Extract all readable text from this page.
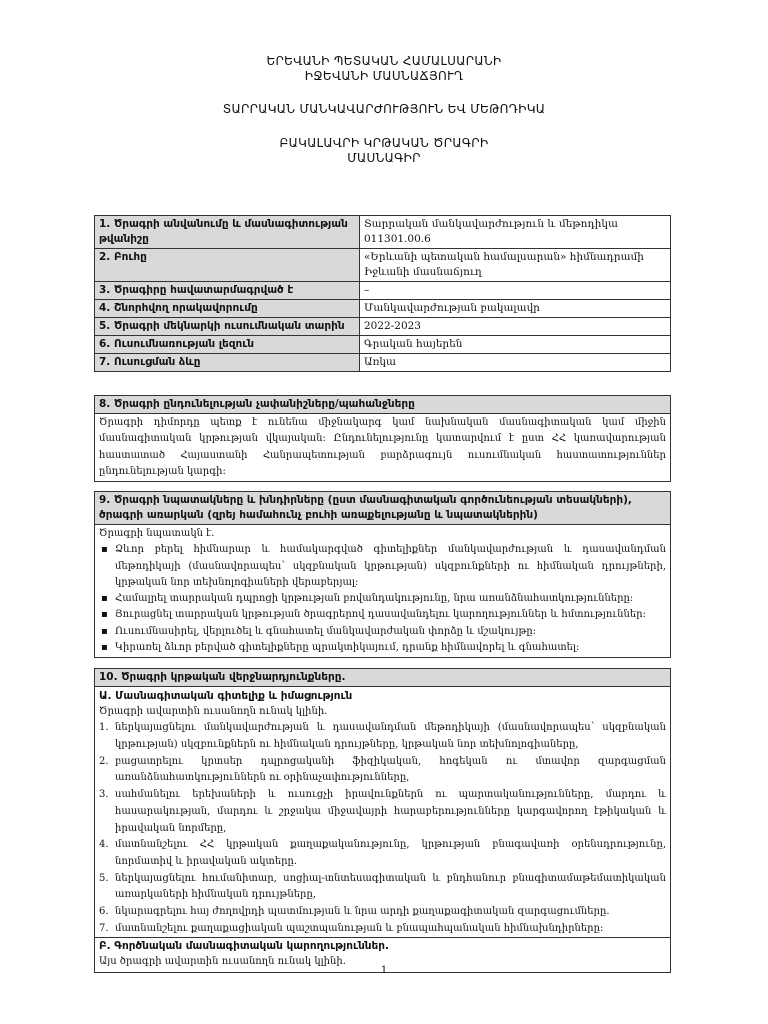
ԵՐԵՎԱՆԻ ՊԵՏԱԿԱՆ ՀԱՄԱԼՍԱՐԱՆԻ
ԻՋԵՎԱՆԻ ՄԱՍՆԱՃՅՈՒՂ
ՏԱՐՐԱԿԱՆ ՄԱՆԿԱՎԱՐԺՈՒԹՅՈՒՆ ԵՎ ՄԵԹՈԴԻԿԱ
ԲԱԿԱԼԱՎՐԻ ԿՐԹԱԿԱՆ ԾՐԱԳՐԻ
ՄԱՍՆԱԳԻՐ
1. Ծրագրի անվանումը և մասնագիտության թվանիշը	Տարրական մանկավարժություն և մեթոդիկա
011301.00.6

2. Բուհը	«Երևանի պետական համալսարան» հիմնադրամի
Իջևանի մասնաճյուղ

3. Ծրագիրը հավատարմագրված է	–
4. Շնորհվող որակավորումը	Մանկավարժության բակալավր
5. Ծրագրի մեկնարկի ուսումնական տարին	2022-2023
6. Ուսումնառության լեզուն	Գրական հայերեն
7. Ուսուցման ձևը	Առկա
8. Ծրագրի ընդունելության չափանիշները/պահանջները
Ծրագրի դիմորդը պետք է ունենա միջնակարգ կամ նախնական մասնագիտական կամ միջին մասնագիտական կրթության վկայական: Ընդունելությունը կատարվում է ըստ ՀՀ կառավարության հաստատած Հայաստանի Հանրապետության բարձրագույն ուսումնական հաստատություններ ընդունելության կարգի:
9. Ծրագրի նպատակները և խնդիրները (ըստ մասնագիտական գործունեության տեսակների), ծրագրի առարկան (զրեյ համահունչ բուհի առաքելությանը և նպատակներին)
Ծրագրի նպատակն է.
▪ Ձևոր բերել հիմնարար և համակարգված գիտելիքներ մանկավարժության և դասավանդման մեթոդիկայի (մասնավորապես՝ սկզբնական կրթության) սկզբունքների ու հիմնական դրույթների, կրթական նոր տեխնոլոգիաների վերաբերյալ:
▪ Համալրել տարրական դպրոցի կրթության բովանդակությունը, նրա առանձնահատկությունները:
▪ Յուրացնել տարրական կրթության ծրագրերով դասավանդելու կարողություններ և հմտություններ:
▪ Ուսումնասիրել, վերլուծել և գնահատել մանկավարժական փորձը և մշակույթը:
▪ Կիրառել ձևոր բերված գիտելիքները պրակտիկայում, դրանք հիմնավորել և գնահատել:
10. Ծրագրի կրթական վերջնարդյունքները.
Ա. Մասնագիտական գիտելիք և իմացություն
Ծրագրի ավարտին ուսանողն ունակ կլինի.
1. ներկայացնելու մանկավարժության և դասավանդման մեթոդիկայի (մասնավորապես՝ սկզբնական կրթության) սկզբունքներն ու հիմնական դրույթները, կրթական նոր տեխնոլոգիաները,
2. բացատրելու կրտսեր դպրոցականի ֆիզիկական, հոգեկան ու մտավոր զարգացման առանձնահատկություններն ու օրինաչափությունները,
3. սահմանելու երեխաների և ուսուցչի իրավունքներն ու պարտականությունները, մարդու և հասարակության, մարդու և շրջակա միջավայրի հարաբերությունները կարգավորող էթիկական և իրավական նորմերը,
4. մատնանշելու ՀՀ կրթական քաղաքականությունը, կրթության բնագավառի օրենսդրությունը, նորմատիվ և իրավական ակտերը.
5. ներկայացնելու հումանիտար, սոցիալ-տնտեսագիտական և բնդհանուր բնագիտամաթեմատիկական առարկաների հիմնական դրույթները,
6. նկարագրելու հայ ժողովրդի պատմության և նրա արդի քաղաքագիտական զարգացումները.
7. մատնանշելու քաղաքացիական պաշտպանության և բնապահպանական հիմնախնդիրները:
Բ. Գործնական մասնագիտական կարողություններ.
Այս ծրագրի ավարտին ուսանողն ունակ կլինի.
1
